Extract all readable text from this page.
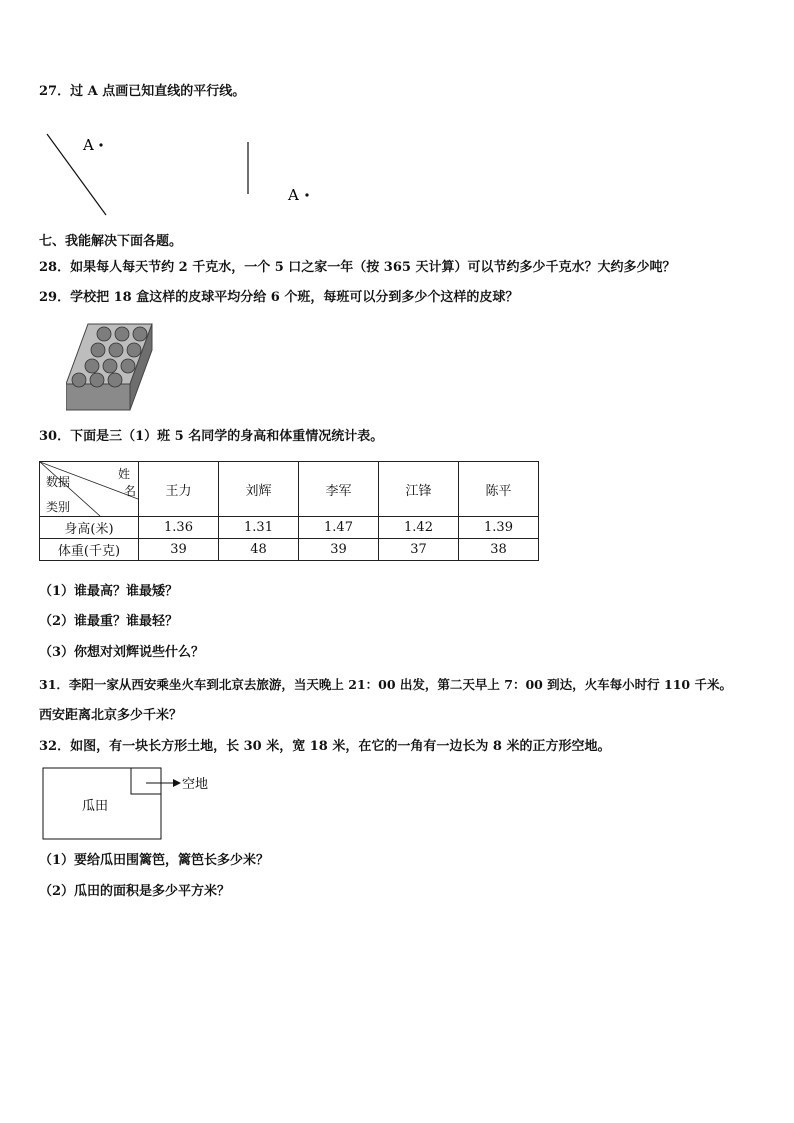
27．过 A 点画已知直线的平行线。
A
A
七、我能解决下面各题。
28．如果每人每天节约 2 千克水，一个 5 口之家一年（按 365 天计算）可以节约多少千克水？大约多少吨？
29．学校把 18 盒这样的皮球平均分给 6 个班，每班可以分到多少个这样的皮球？
30．下面是三（1）班 5 名同学的身高和体重情况统计表。
姓
名
数据
类别	王力	刘辉	李军	江锋	陈平
身高(米)	1.36	1.31	1.47	1.42	1.39
体重(千克)	39	48	39	37	38
（1）谁最高？谁最矮？
（2）谁最重？谁最轻？
（3）你想对刘辉说些什么？
31．李阳一家从西安乘坐火车到北京去旅游，当天晚上 21：00 出发，第二天早上 7：00 到达，火车每小时行 110 千米。
西安距离北京多少千米？
32．如图，有一块长方形土地，长 30 米，宽 18 米，在它的一角有一边长为 8 米的正方形空地。
空地
瓜田
（1）要给瓜田围篱笆，篱笆长多少米？
（2）瓜田的面积是多少平方米？
